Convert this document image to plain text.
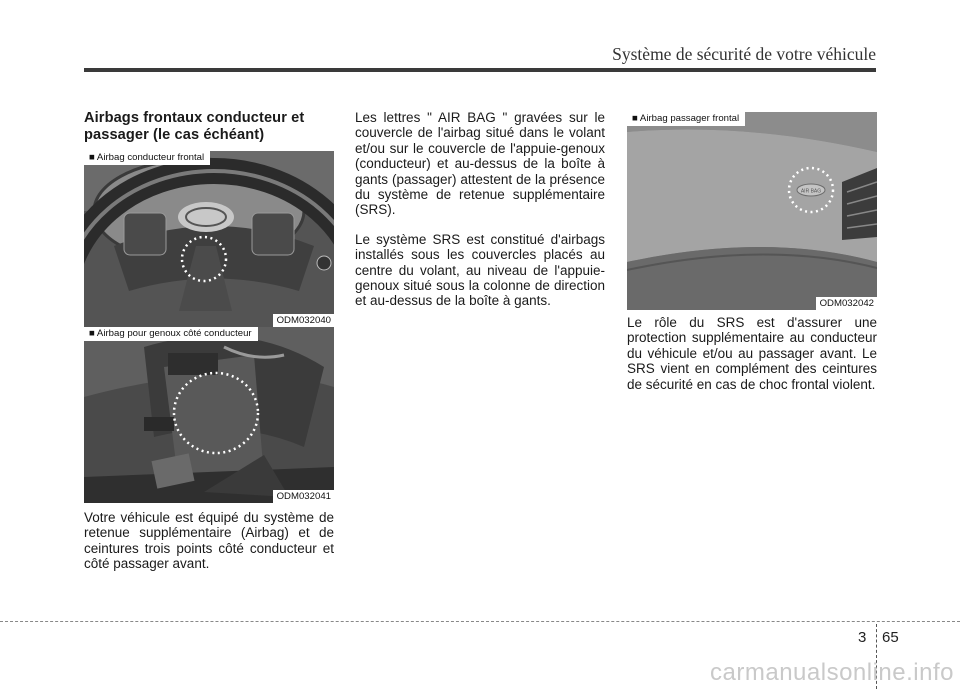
Système de sécurité de votre véhicule

Airbags frontaux conducteur et passager (le cas échéant)

■ Airbag conducteur frontal
ODM032040
■ Airbag pour genoux côté conducteur
ODM032041

Votre véhicule est équipé du système de retenue supplémentaire (Airbag) et de ceintures trois points côté conducteur et côté passager avant.

Les lettres " AIR BAG " gravées sur le couvercle de l'airbag situé dans le volant et/ou sur le couvercle de l'appuie-genoux (conducteur) et au-dessus de la boîte à gants (passager) attestent de la présence du système de retenue supplémentaire (SRS).

Le système SRS est constitué d'airbags installés sous les couvercles placés au centre du volant, au niveau de l'appuie-genoux situé sous la colonne de direction et au-dessus de la boîte à gants.

AIR BAG
■ Airbag passager frontal
ODM032042

Le rôle du SRS est d'assurer une protection supplémentaire au conducteur du véhicule et/ou au passager avant. Le SRS vient en complément des ceintures de sécurité en cas de choc frontal violent.

3 65
carmanualsonline.info
